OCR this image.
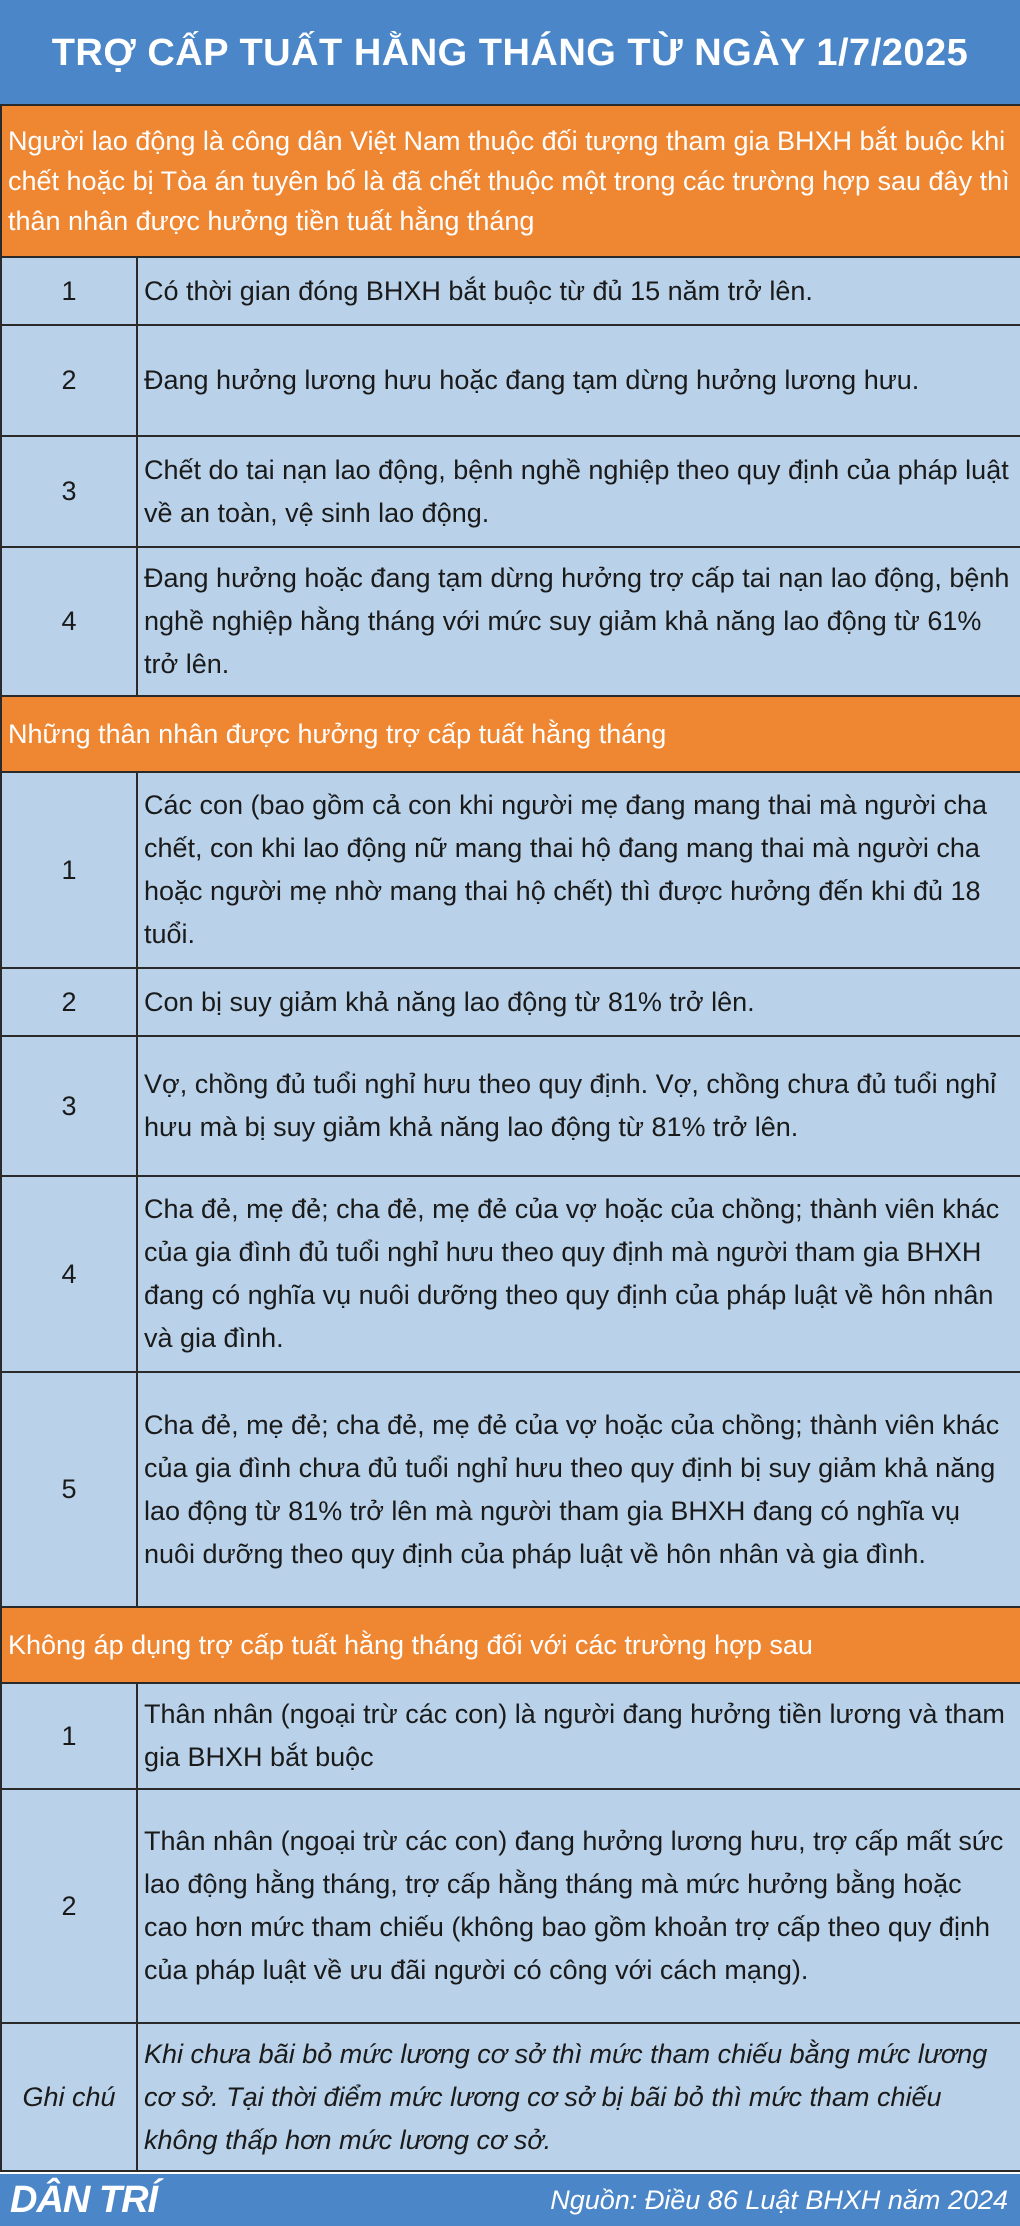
TRỢ CẤP TUẤT HẰNG THÁNG TỪ NGÀY 1/7/2025
Người lao động là công dân Việt Nam thuộc đối tượng tham gia BHXH bắt buộc khi chết hoặc bị Tòa án tuyên bố là đã chết thuộc một trong các trường hợp sau đây thì thân nhân được hưởng tiền tuất hằng tháng	
1	Có thời gian đóng BHXH bắt buộc từ đủ 15 năm trở lên.
2	Đang hưởng lương hưu hoặc đang tạm dừng hưởng lương hưu.
3	Chết do tai nạn lao động, bệnh nghề nghiệp theo quy định của pháp luật về an toàn, vệ sinh lao động.
4	Đang hưởng hoặc đang tạm dừng hưởng trợ cấp tai nạn lao động, bệnh nghề nghiệp hằng tháng với mức suy giảm khả năng lao động từ 61% trở lên.
Những thân nhân được hưởng trợ cấp tuất hằng tháng	
1	Các con (bao gồm cả con khi người mẹ đang mang thai mà người cha chết, con khi lao động nữ mang thai hộ đang mang thai mà người cha hoặc người mẹ nhờ mang thai hộ chết) thì được hưởng đến khi đủ 18 tuổi.
2	Con bị suy giảm khả năng lao động từ 81% trở lên.
3	Vợ, chồng đủ tuổi nghỉ hưu theo quy định. Vợ, chồng chưa đủ tuổi nghỉ hưu mà bị suy giảm khả năng lao động từ 81% trở lên.
4	Cha đẻ, mẹ đẻ; cha đẻ, mẹ đẻ của vợ hoặc của chồng; thành viên khác của gia đình đủ tuổi nghỉ hưu theo quy định mà người tham gia BHXH đang có nghĩa vụ nuôi dưỡng theo quy định của pháp luật về hôn nhân và gia đình.
5	Cha đẻ, mẹ đẻ; cha đẻ, mẹ đẻ của vợ hoặc của chồng; thành viên khác của gia đình chưa đủ tuổi nghỉ hưu theo quy định bị suy giảm khả năng lao động từ 81% trở lên mà người tham gia BHXH đang có nghĩa vụ nuôi dưỡng theo quy định của pháp luật về hôn nhân và gia đình.
Không áp dụng trợ cấp tuất hằng tháng đối với các trường hợp sau	
1	Thân nhân (ngoại trừ các con) là người đang hưởng tiền lương và tham gia BHXH bắt buộc
2	Thân nhân (ngoại trừ các con) đang hưởng lương hưu, trợ cấp mất sức lao động hằng tháng, trợ cấp hằng tháng mà mức hưởng bằng hoặc cao hơn mức tham chiếu (không bao gồm khoản trợ cấp theo quy định của pháp luật về ưu đãi người có công với cách mạng).
Ghi chú	Khi chưa bãi bỏ mức lương cơ sở thì mức tham chiếu bằng mức lương cơ sở. Tại thời điểm mức lương cơ sở bị bãi bỏ thì mức tham chiếu không thấp hơn mức lương cơ sở.
DÂN TRÍ	Nguồn: Điều 86 Luật BHXH năm 2024
